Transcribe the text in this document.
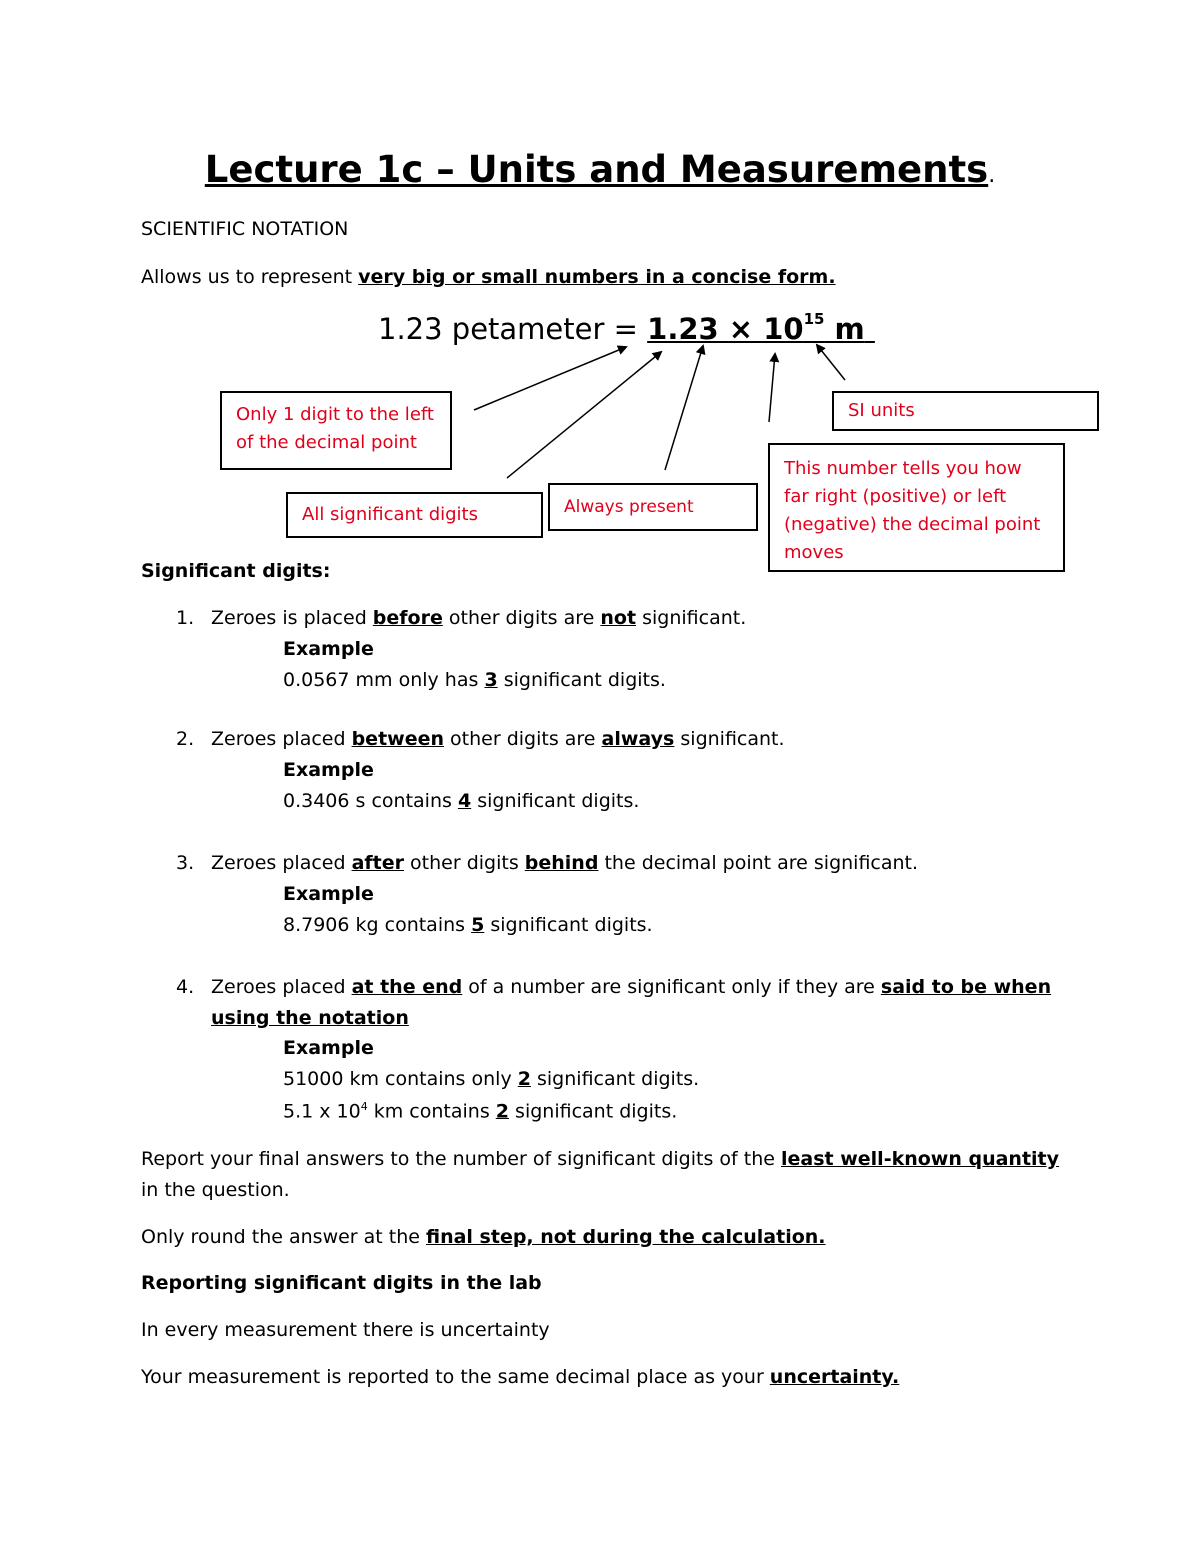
Lecture 1c – Units and Measurements.
SCIENTIFIC NOTATION
Allows us to represent very big or small numbers in a concise form.
1.23 petameter = $1.23 \times 10^{15}$ m
Only 1 digit to the left of the decimal point
All significant digits	Always present
This number tells you how far right (positive) or left (negative) the decimal point moves
SI units
Significant digits:
1. Zeroes is placed before other digits are not significant.
Example
0.0567 mm only has 3 significant digits.
2. Zeroes placed between other digits are always significant.
Example
0.3406 s contains 4 significant digits.
3. Zeroes placed after other digits behind the decimal point are significant.
Example
8.7906 kg contains 5 significant digits.
4. Zeroes placed at the end of a number are significant only if they are said to be when
using the notation
Example
51000 km contains only 2 significant digits.
5.1 x $10^4$ km contains 2 significant digits.
Report your final answers to the number of significant digits of the least well-known quantity
in the question.
Only round the answer at the final step, not during the calculation.
Reporting significant digits in the lab
In every measurement there is uncertainty
Your measurement is reported to the same decimal place as your uncertainty.
